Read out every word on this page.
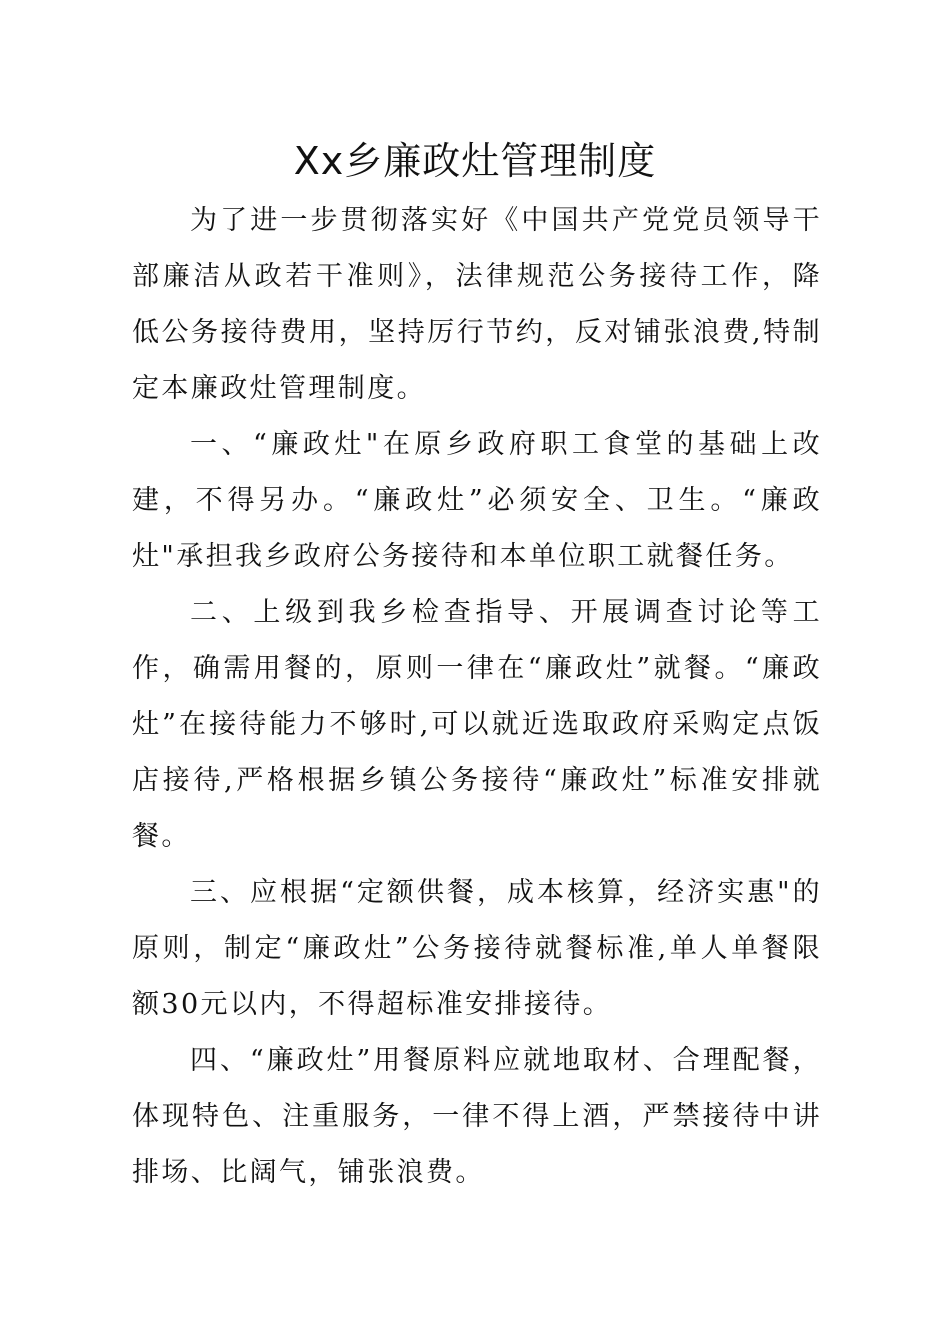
Xx乡廉政灶管理制度

为了进一步贯彻落实好《中国共产党党员领导干部廉洁从政若干准则》，法律规范公务接待工作，降低公务接待费用，坚持厉行节约，反对铺张浪费,特制定本廉政灶管理制度。

一、“廉政灶"在原乡政府职工食堂的基础上改建，不得另办。“廉政灶”必须安全、卫生。“廉政灶"承担我乡政府公务接待和本单位职工就餐任务。

二、上级到我乡检查指导、开展调查讨论等工作，确需用餐的，原则一律在“廉政灶”就餐。“廉政灶”在接待能力不够时,可以就近选取政府采购定点饭店接待,严格根据乡镇公务接待“廉政灶”标准安排就餐。

三、应根据“定额供餐，成本核算，经济实惠"的原则，制定“廉政灶”公务接待就餐标准,单人单餐限额30元以内，不得超标准安排接待。

四、“廉政灶”用餐原料应就地取材、合理配餐，体现特色、注重服务，一律不得上酒，严禁接待中讲排场、比阔气，铺张浪费。
